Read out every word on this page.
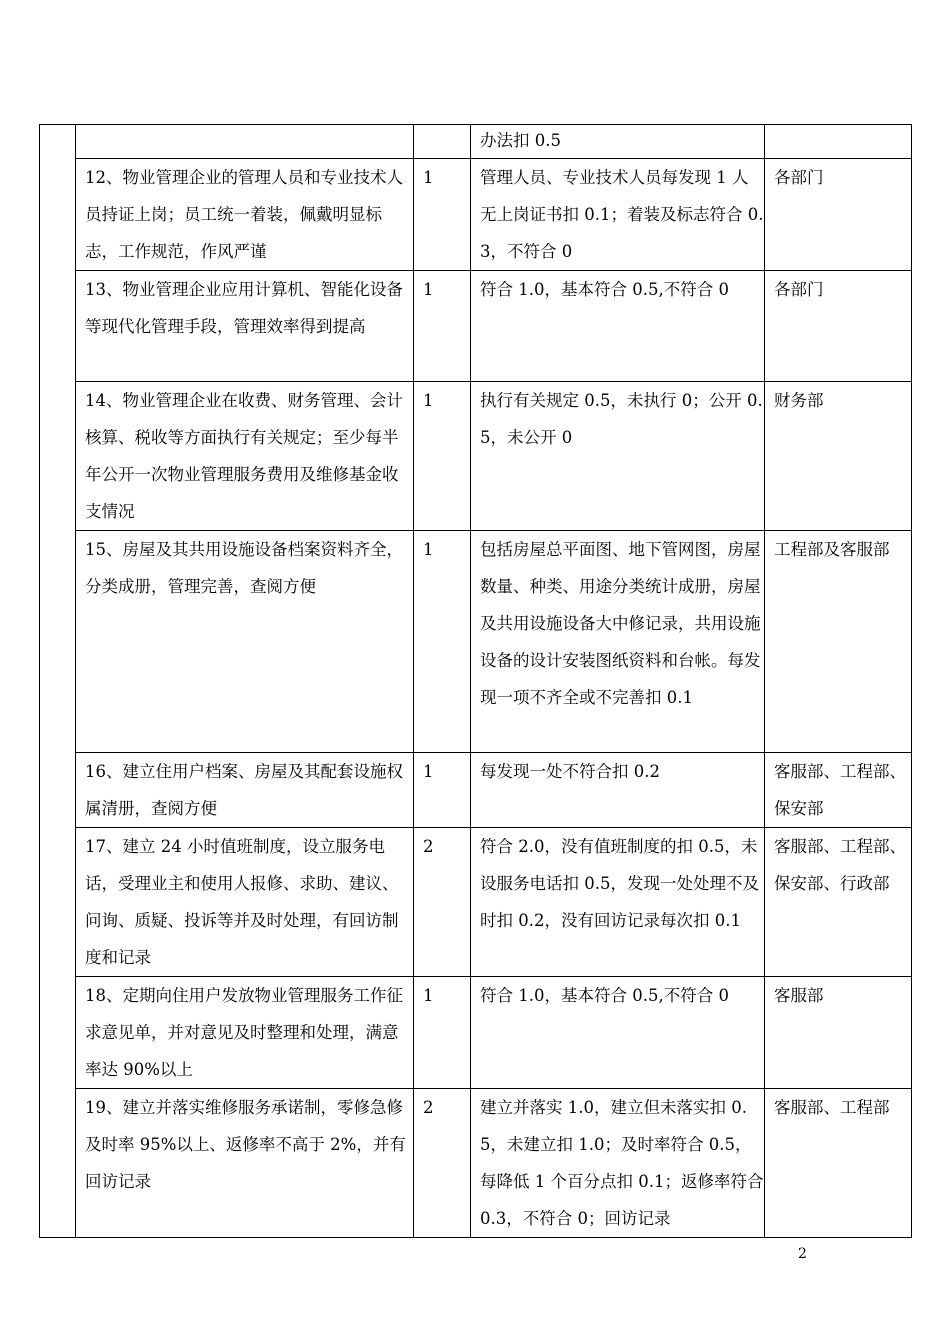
			办法扣 0.5	
	12、物业管理企业的管理人员和专业技术人员持证上岗；员工统一着装，佩戴明显标志，工作规范，作风严谨	1	管理人员、专业技术人员每发现 1 人无上岗证书扣 0.1；着装及标志符合 0.3，不符合 0	各部门
	13、物业管理企业应用计算机、智能化设备等现代化管理手段，管理效率得到提高	1	符合 1.0，基本符合 0.5,不符合 0	各部门
	14、物业管理企业在收费、财务管理、会计核算、税收等方面执行有关规定；至少每半年公开一次物业管理服务费用及维修基金收支情况	1	执行有关规定 0.5，未执行 0；公开 0.5，未公开 0	财务部
	15、房屋及其共用设施设备档案资料齐全，分类成册，管理完善，查阅方便	1	包括房屋总平面图、地下管网图，房屋数量、种类、用途分类统计成册，房屋及共用设施设备大中修记录，共用设施设备的设计安装图纸资料和台帐。每发现一项不齐全或不完善扣 0.1	工程部及客服部
	16、建立住用户档案、房屋及其配套设施权属清册，查阅方便	1	每发现一处不符合扣 0.2	客服部、工程部、保安部
	17、建立 24 小时值班制度，设立服务电话，受理业主和使用人报修、求助、建议、问询、质疑、投诉等并及时处理，有回访制度和记录	2	符合 2.0，没有值班制度的扣 0.5，未设服务电话扣 0.5，发现一处处理不及时扣 0.2，没有回访记录每次扣 0.1	客服部、工程部、保安部、行政部
	18、定期向住用户发放物业管理服务工作征求意见单，并对意见及时整理和处理，满意率达 90%以上	1	符合 1.0，基本符合 0.5,不符合 0	客服部
	19、建立并落实维修服务承诺制，零修急修及时率 95%以上、返修率不高于 2%，并有回访记录	2	建立并落实 1.0，建立但未落实扣 0.5，未建立扣 1.0；及时率符合 0.5，每降低 1 个百分点扣 0.1；返修率符合 0.3，不符合 0；回访记录	客服部、工程部
2
